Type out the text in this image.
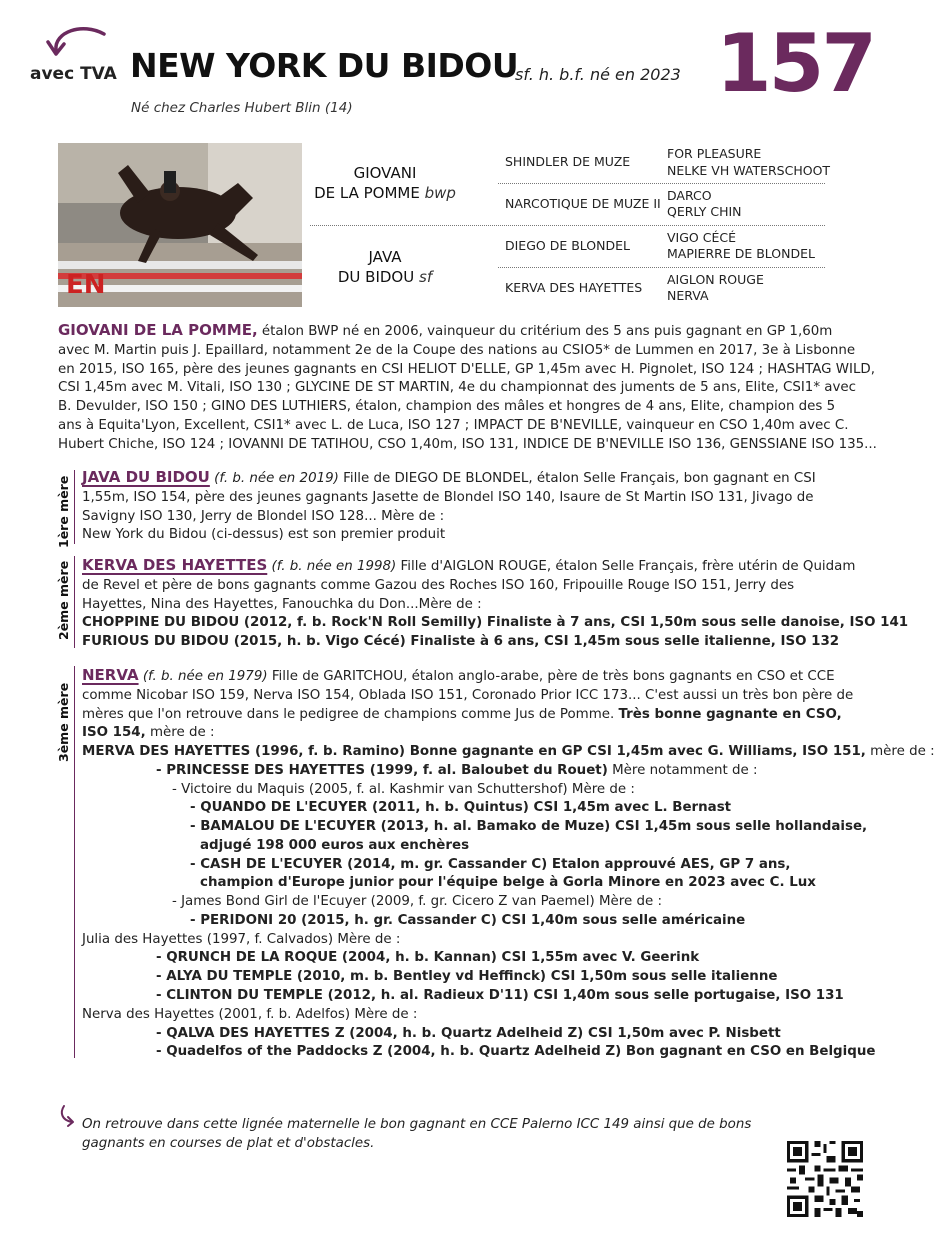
avec TVA NEW YORK DU BIDOU
sf. h. b.f. né en 2023 157
Né chez Charles Hubert Blin (14)
EN
GIOVANI
DE LA POMME bwp
JAVA
DU BIDOU sf
SHINDLER DE MUZE
NARCOTIQUE DE MUZE II
DIEGO DE BLONDEL
KERVA DES HAYETTES
FOR PLEASURE
NELKE VH WATERSCHOOT
DARCO
QERLY CHIN
VIGO CÉCÉ
MAPIERRE DE BLONDEL
AIGLON ROUGE
NERVA
GIOVANI DE LA POMME, étalon BWP né en 2006, vainqueur du critérium des 5 ans puis gagnant en GP 1,60m
avec M. Martin puis J. Epaillard, notamment 2e de la Coupe des nations au CSIO5* de Lummen en 2017, 3e à Lisbonne
en 2015, ISO 165, père des jeunes gagnants en CSI HELIOT D'ELLE, GP 1,45m avec H. Pignolet, ISO 124 ; HASHTAG WILD,
CSI 1,45m avec M. Vitali, ISO 130 ; GLYCINE DE ST MARTIN, 4e du championnat des juments de 5 ans, Elite, CSI1* avec
B. Devulder, ISO 150 ; GINO DES LUTHIERS, étalon, champion des mâles et hongres de 4 ans, Elite, champion des 5
ans à Equita'Lyon, Excellent, CSI1* avec L. de Luca, ISO 127 ; IMPACT DE B'NEVILLE, vainqueur en CSO 1,40m avec C.
Hubert Chiche, ISO 124 ; IOVANNI DE TATIHOU, CSO 1,40m, ISO 131, INDICE DE B'NEVILLE ISO 136, GENSSIANE ISO 135...
1ère mère JAVA DU BIDOU (f. b. née en 2019) Fille de DIEGO DE BLONDEL, étalon Selle Français, bon gagnant en CSI
1,55m, ISO 154, père des jeunes gagnants Jasette de Blondel ISO 140, Isaure de St Martin ISO 131, Jivago de
Savigny ISO 130, Jerry de Blondel ISO 128... Mère de :
New York du Bidou (ci-dessus) est son premier produit
2ème mère KERVA DES HAYETTES (f. b. née en 1998) Fille d'AIGLON ROUGE, étalon Selle Français, frère utérin de Quidam
de Revel et père de bons gagnants comme Gazou des Roches ISO 160, Fripouille Rouge ISO 151, Jerry des
Hayettes, Nina des Hayettes, Fanouchka du Don...Mère de :
CHOPPINE DU BIDOU (2012, f. b. Rock'N Roll Semilly) Finaliste à 7 ans, CSI 1,50m sous selle danoise, ISO 141
FURIOUS DU BIDOU (2015, h. b. Vigo Cécé) Finaliste à 6 ans, CSI 1,45m sous selle italienne, ISO 132
3ème mère
NERVA (f. b. née en 1979) Fille de GARITCHOU, étalon anglo-arabe, père de très bons gagnants en CSO et CCE
comme Nicobar ISO 159, Nerva ISO 154, Oblada ISO 151, Coronado Prior ICC 173... C'est aussi un très bon père de
mères que l'on retrouve dans le pedigree de champions comme Jus de Pomme. Très bonne gagnante en CSO,
ISO 154, mère de :
MERVA DES HAYETTES (1996, f. b. Ramino) Bonne gagnante en GP CSI 1,45m avec G. Williams, ISO 151, mère de :
- PRINCESSE DES HAYETTES (1999, f. al. Baloubet du Rouet) Mère notamment de :
- Victoire du Maquis (2005, f. al. Kashmir van Schuttershof) Mère de :
- QUANDO DE L'ECUYER (2011, h. b. Quintus) CSI 1,45m avec L. Bernast
- BAMALOU DE L'ECUYER (2013, h. al. Bamako de Muze) CSI 1,45m sous selle hollandaise,
adjugé 198 000 euros aux enchères
- CASH DE L'ECUYER (2014, m. gr. Cassander C) Etalon approuvé AES, GP 7 ans,
champion d'Europe junior pour l'équipe belge à Gorla Minore en 2023 avec C. Lux
- James Bond Girl de l'Ecuyer (2009, f. gr. Cicero Z van Paemel) Mère de :
- PERIDONI 20 (2015, h. gr. Cassander C) CSI 1,40m sous selle américaine
Julia des Hayettes (1997, f. Calvados) Mère de :
- QRUNCH DE LA ROQUE (2004, h. b. Kannan) CSI 1,55m avec V. Geerink
- ALYA DU TEMPLE (2010, m. b. Bentley vd Heffinck) CSI 1,50m sous selle italienne
- CLINTON DU TEMPLE (2012, h. al. Radieux D'11) CSI 1,40m sous selle portugaise, ISO 131
Nerva des Hayettes (2001, f. b. Adelfos) Mère de :
- QALVA DES HAYETTES Z (2004, h. b. Quartz Adelheid Z) CSI 1,50m avec P. Nisbett
- Quadelfos of the Paddocks Z (2004, h. b. Quartz Adelheid Z) Bon gagnant en CSO en Belgique
On retrouve dans cette lignée maternelle le bon gagnant en CCE Palerno ICC 149 ainsi que de bons
gagnants en courses de plat et d'obstacles.
